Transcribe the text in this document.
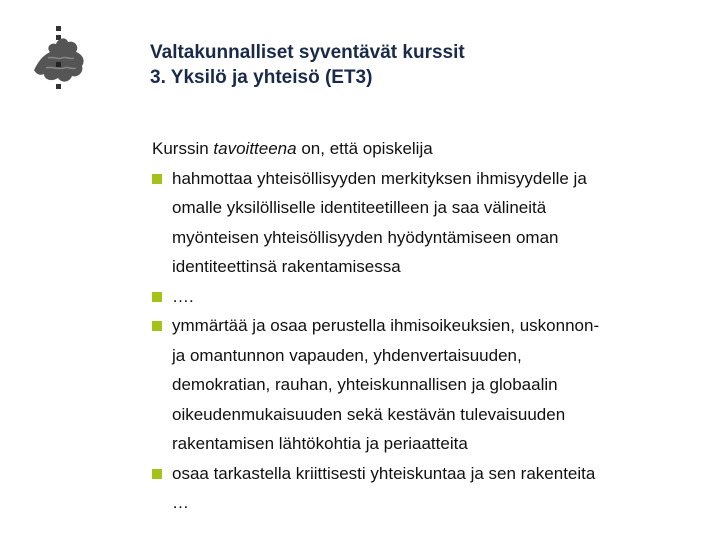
Valtakunnalliset syventävät kurssit
3. Yksilö ja yhteisö (ET3)
Kurssin tavoitteena on, että opiskelija
hahmottaa yhteisöllisyyden merkityksen ihmisyydelle ja
omalle yksilölliselle identiteetilleen ja saa välineitä
myönteisen yhteisöllisyyden hyödyntämiseen oman
identiteettinsä rakentamisessa
….
ymmärtää ja osaa perustella ihmisoikeuksien, uskonnon-
ja omantunnon vapauden, yhdenvertaisuuden,
demokratian, rauhan, yhteiskunnallisen ja globaalin
oikeudenmukaisuuden sekä kestävän tulevaisuuden
rakentamisen lähtökohtia ja periaatteita
osaa tarkastella kriittisesti yhteiskuntaa ja sen rakenteita
…
